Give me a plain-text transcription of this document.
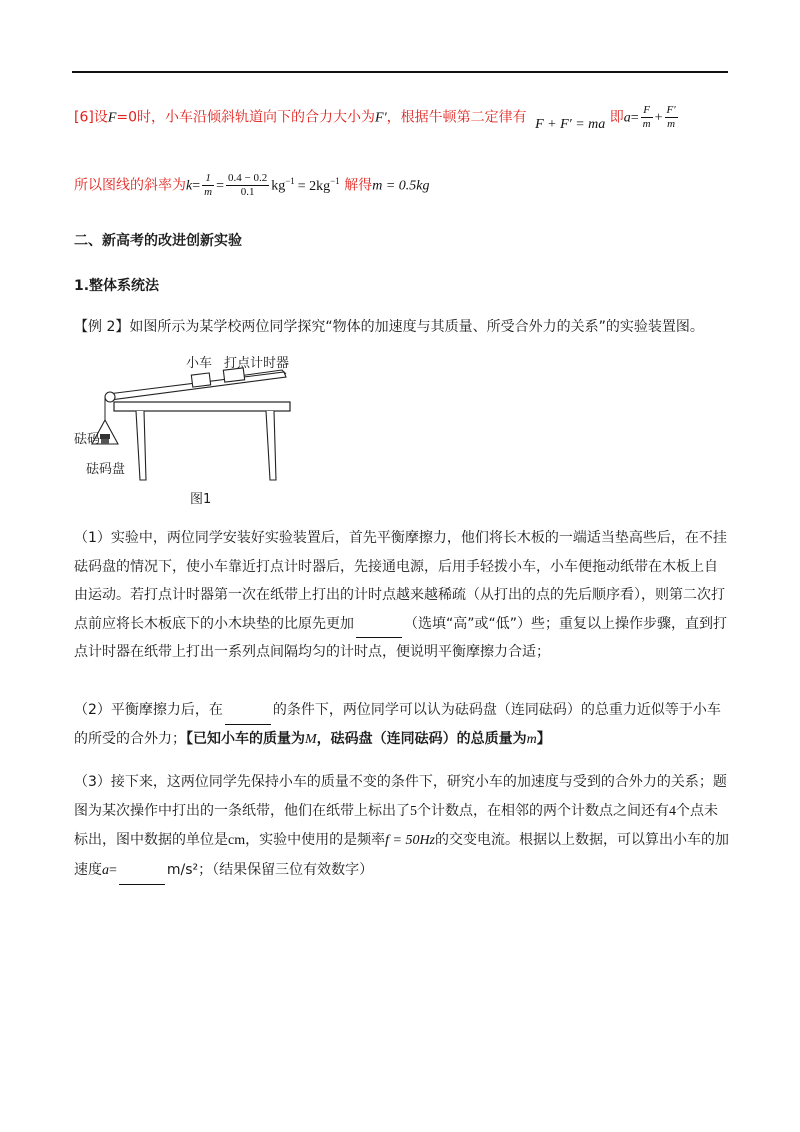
[6]设F=0时，小车沿倾斜轨道向下的合力大小为F′，根据牛顿第二定律有 F + F′ = ma 即$a= \frac{F}{m} + \frac{F'}{m}$
所以图线的斜率为$k= \frac{1}{m} = \frac{0.4 - 0.2}{0.1} kg^{-1} = 2kg^{-1}$ 解得m = 0.5kg
二、新高考的改进创新实验
1.整体系统法
【例 2】如图所示为某学校两位同学探究“物体的加速度与其质量、所受合外力的关系”的实验装置图。
小车 打点计时器
砝码
砝码盘
图1
（1）实验中，两位同学安装好实验装置后，首先平衡摩擦力，他们将长木板的一端适当垫高些后，在不挂砝码盘的情况下，使小车靠近打点计时器后，先接通电源，后用手轻拨小车，小车便拖动纸带在木板上自由运动。若打点计时器第一次在纸带上打出的计时点越来越稀疏（从打出的点的先后顺序看），则第二次打点前应将长木板底下的小木块垫的比原先更加	（选填“高”或“低”）些；重复以上操作步骤，直到打点计时器在纸带上打出一系列点间隔均匀的计时点，便说明平衡摩擦力合适；
（2）平衡摩擦力后，在	的条件下，两位同学可以认为砝码盘（连同砝码）的总重力近似等于小车的所受的合外力；【已知小车的质量为M，砝码盘（连同砝码）的总质量为m】
（3）接下来，这两位同学先保持小车的质量不变的条件下，研究小车的加速度与受到的合外力的关系；题图为某次操作中打出的一条纸带，他们在纸带上标出了5个计数点，在相邻的两个计数点之间还有4个点未标出，图中数据的单位是cm，实验中使用的是频率f = 50Hz的交变电流。根据以上数据，可以算出小车的加速度a=	m/s²；（结果保留三位有效数字）
